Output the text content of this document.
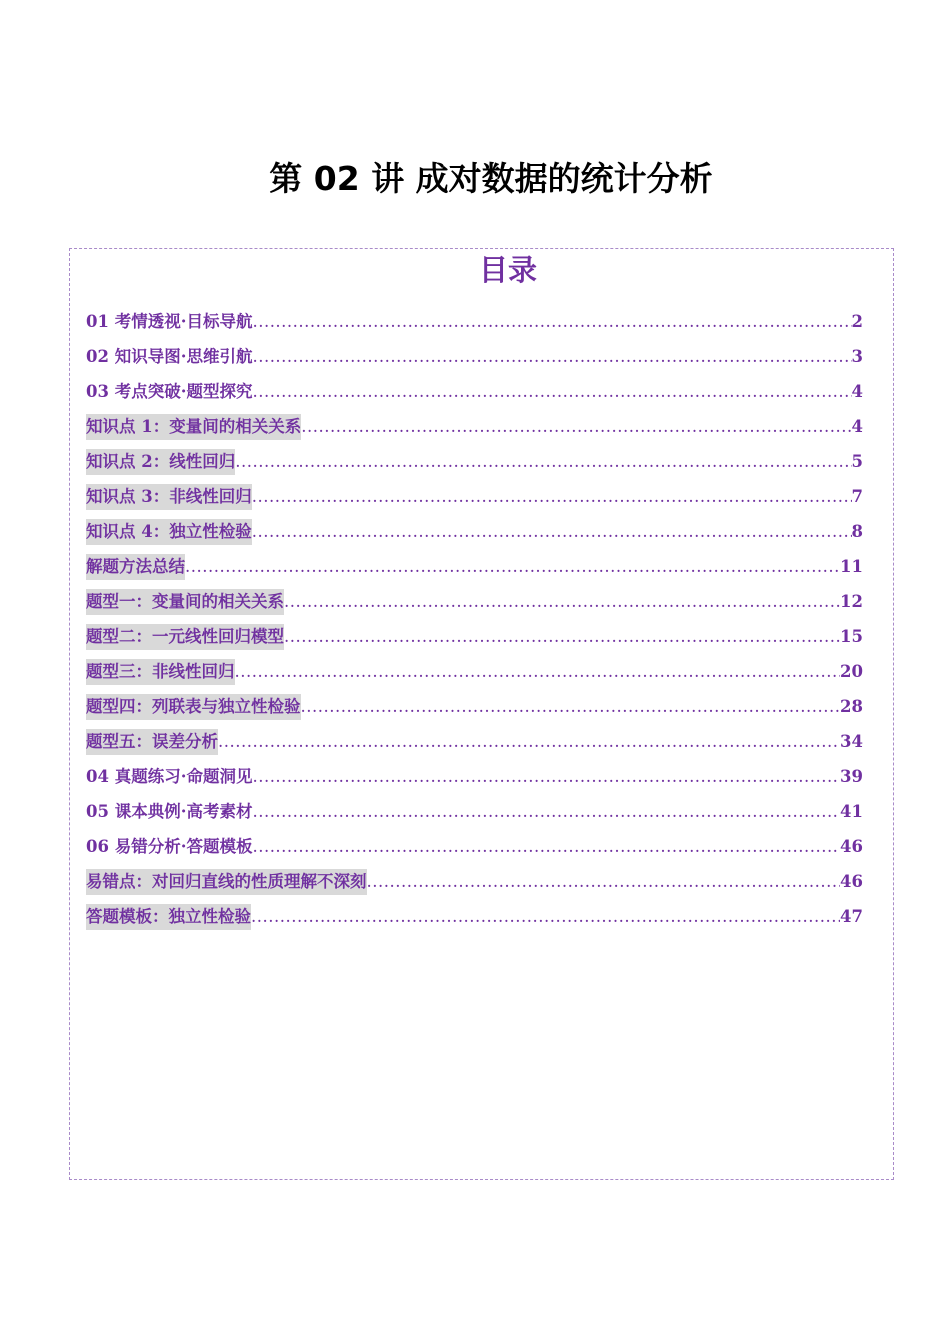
第 02 讲 成对数据的统计分析
目录
01 考情透视·目标导航 .....	2
02 知识导图·思维引航 .....	3
03 考点突破·题型探究 .....	4
知识点 1：变量间的相关关系 .....	4
知识点 2：线性回归 .....	5
知识点 3：非线性回归 .....	7
知识点 4：独立性检验 .....	8
解题方法总结 .....	11
题型一：变量间的相关关系 .....	12
题型二：一元线性回归模型 .....	15
题型三：非线性回归 .....	20
题型四：列联表与独立性检验 .....	28
题型五：误差分析 .....	34
04 真题练习·命题洞见 .....	39
05 课本典例·高考素材 .....	41
06 易错分析·答题模板 .....	46
易错点：对回归直线的性质理解不深刻 .....	46
答题模板：独立性检验 .....	47
